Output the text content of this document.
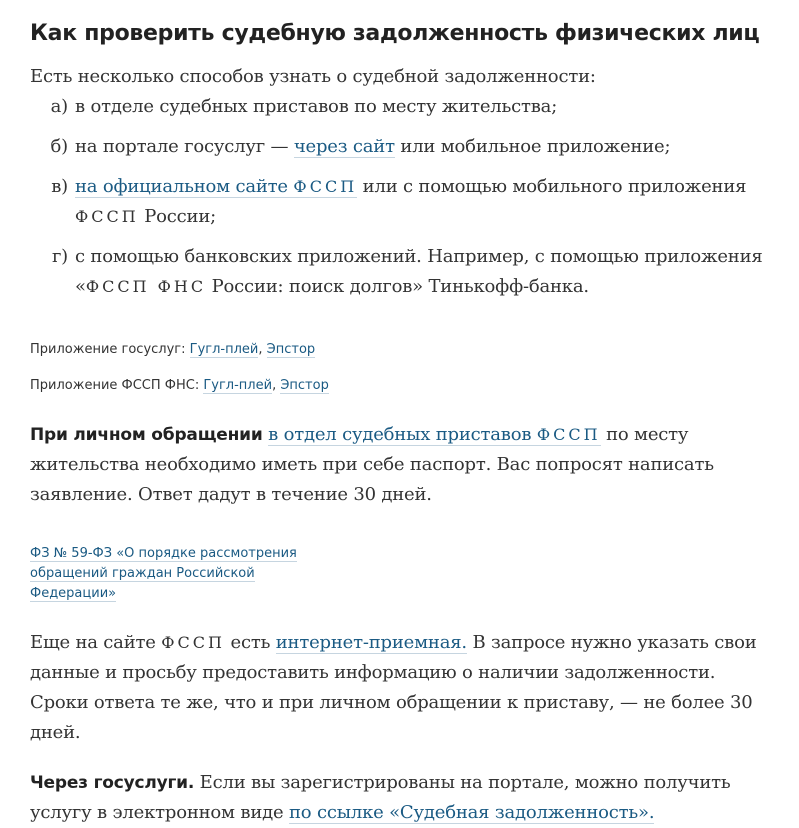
Как проверить судебную задолженность физических лиц

Есть несколько способов узнать о судебной задолженности:

а) в отделе судебных приставов по месту жительства;
б) на портале госуслуг — через сайт или мобильное приложение;
в) на официальном сайте ФССП или с помощью мобильного приложения
ФССП России;
г) с помощью банковских приложений. Например, с помощью приложения «ФССП ФНС России: поиск долгов» Тинькофф-банка.

Приложение госуслуг: Гугл-плей, Эпстор

Приложение ФССП ФНС: Гугл-плей, Эпстор

При личном обращении в отдел судебных приставов ФССП по месту жительства необходимо иметь при себе паспорт. Вас попросят написать заявление. Ответ дадут в течение 30 дней.

ФЗ № 59-ФЗ «О порядке рассмотрения обращений граждан Российской Федерации»

Еще на сайте ФССП есть интернет-приемная. В запросе нужно указать свои данные и просьбу предоставить информацию о наличии задолженности. Сроки ответа те же, что и при личном обращении к приставу, — не более 30 дней.

Через госуслуги. Если вы зарегистрированы на портале, можно получить услугу в электронном виде по ссылке «Судебная задолженность».
